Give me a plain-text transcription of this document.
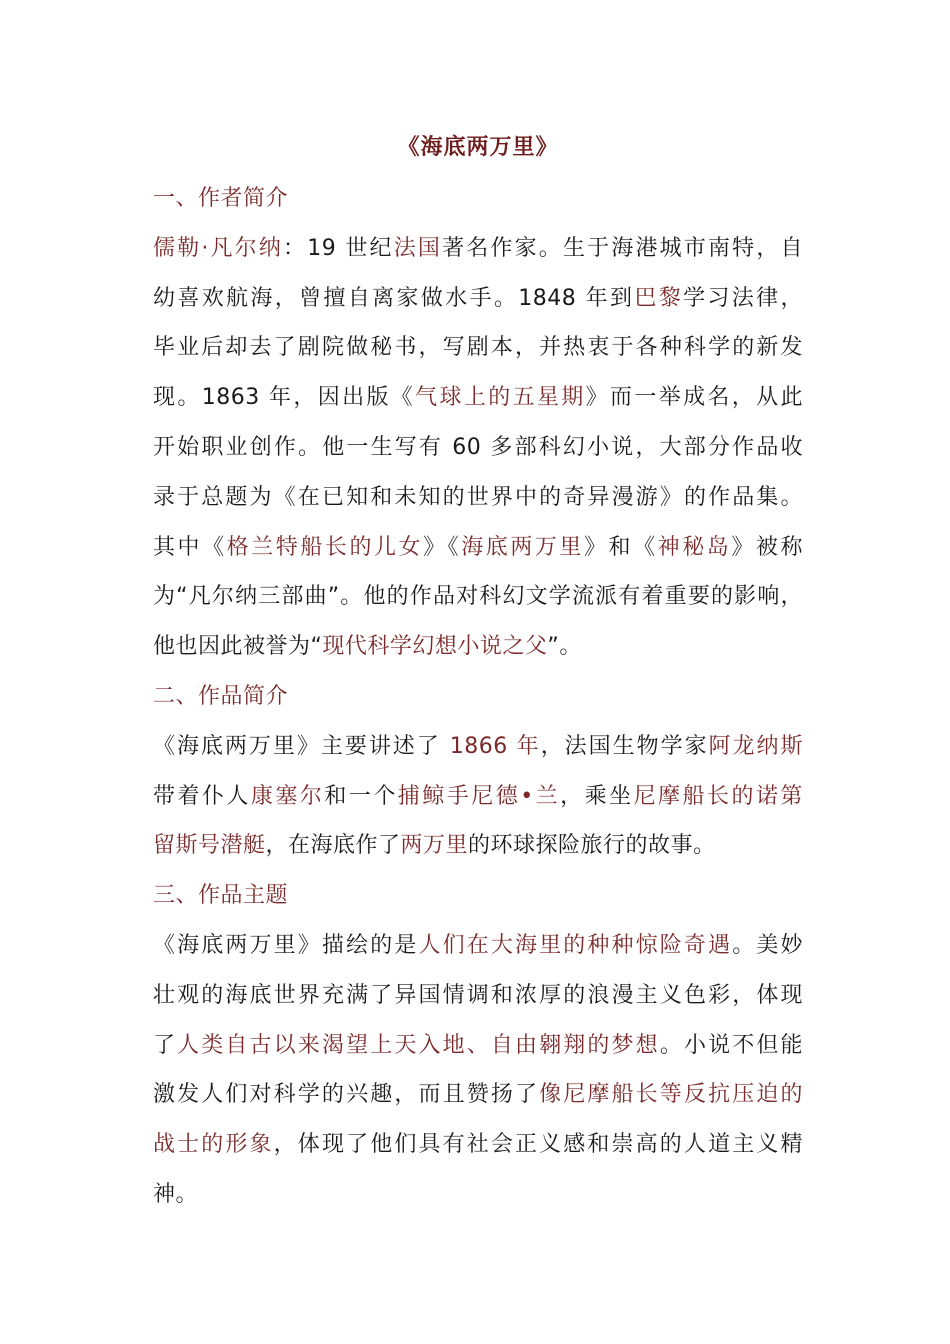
《海底两万里》

一、作者简介

儒勒·凡尔纳：19 世纪法国著名作家。生于海港城市南特，自

幼喜欢航海，曾擅自离家做水手。1848 年到巴黎学习法律，

毕业后却去了剧院做秘书，写剧本，并热衷于各种科学的新发

现。1863 年，因出版《气球上的五星期》而一举成名，从此

开始职业创作。他一生写有 60 多部科幻小说，大部分作品收

录于总题为《在已知和未知的世界中的奇异漫游》的作品集。

其中《格兰特船长的儿女》《海底两万里》和《神秘岛》被称

为“凡尔纳三部曲”。他的作品对科幻文学流派有着重要的影响，

他也因此被誉为“现代科学幻想小说之父”。

二、作品简介

《海底两万里》主要讲述了 1866 年，法国生物学家阿龙纳斯

带着仆人康塞尔和一个捕鲸手尼德•兰，乘坐尼摩船长的诺第

留斯号潜艇，在海底作了两万里的环球探险旅行的故事。

三、作品主题

《海底两万里》描绘的是人们在大海里的种种惊险奇遇。美妙

壮观的海底世界充满了异国情调和浓厚的浪漫主义色彩，体现

了人类自古以来渴望上天入地、自由翱翔的梦想。小说不但能

激发人们对科学的兴趣，而且赞扬了像尼摩船长等反抗压迫的

战士的形象，体现了他们具有社会正义感和崇高的人道主义精

神。
